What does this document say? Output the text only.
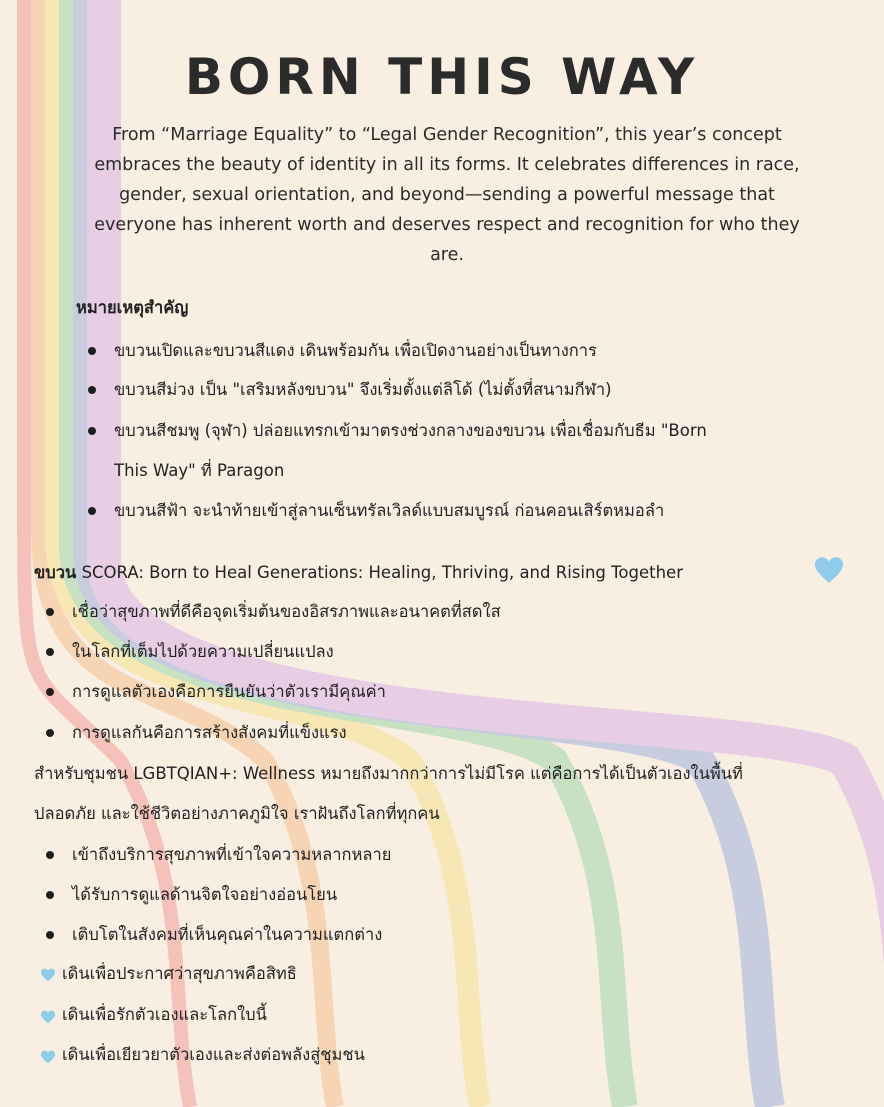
BORN THIS WAY
From “Marriage Equality” to “Legal Gender Recognition”, this year’s concept embraces the beauty of identity in all its forms. It celebrates differences in race, gender, sexual orientation, and beyond—sending a powerful message that everyone has inherent worth and deserves respect and recognition for who they are.
หมายเหตุสำคัญ
ขบวนเปิดและขบวนสีแดง เดินพร้อมกัน เพื่อเปิดงานอย่างเป็นทางการ
ขบวนสีม่วง เป็น "เสริมหลังขบวน" จึงเริ่มตั้งแต่ลิโด้ (ไม่ตั้งที่สนามกีฬา)
ขบวนสีชมพู (จุฬา) ปล่อยแทรกเข้ามาตรงช่วงกลางของขบวน เพื่อเชื่อมกับธีม "Born
This Way" ที่ Paragon
ขบวนสีฟ้า จะนำท้ายเข้าสู่ลานเซ็นทรัลเวิลด์แบบสมบูรณ์ ก่อนคอนเสิร์ตหมอลำ
ขบวน SCORA: Born to Heal Generations: Healing, Thriving, and Rising Together
เชื่อว่าสุขภาพที่ดีคือจุดเริ่มต้นของอิสรภาพและอนาคตที่สดใส
ในโลกที่เต็มไปด้วยความเปลี่ยนแปลง
การดูแลตัวเองคือการยืนยันว่าตัวเรามีคุณค่า
การดูแลกันคือการสร้างสังคมที่แข็งแรง
สำหรับชุมชน LGBTQIAN+: Wellness หมายถึงมากกว่าการไม่มีโรค แต่คือการได้เป็นตัวเองในพื้นที่
ปลอดภัย และใช้ชีวิตอย่างภาคภูมิใจ เราฝันถึงโลกที่ทุกคน
เข้าถึงบริการสุขภาพที่เข้าใจความหลากหลาย
ได้รับการดูแลด้านจิตใจอย่างอ่อนโยน
เติบโตในสังคมที่เห็นคุณค่าในความแตกต่าง
เดินเพื่อประกาศว่าสุขภาพคือสิทธิ
เดินเพื่อรักตัวเองและโลกใบนี้
เดินเพื่อเยียวยาตัวเองและส่งต่อพลังสู่ชุมชน
